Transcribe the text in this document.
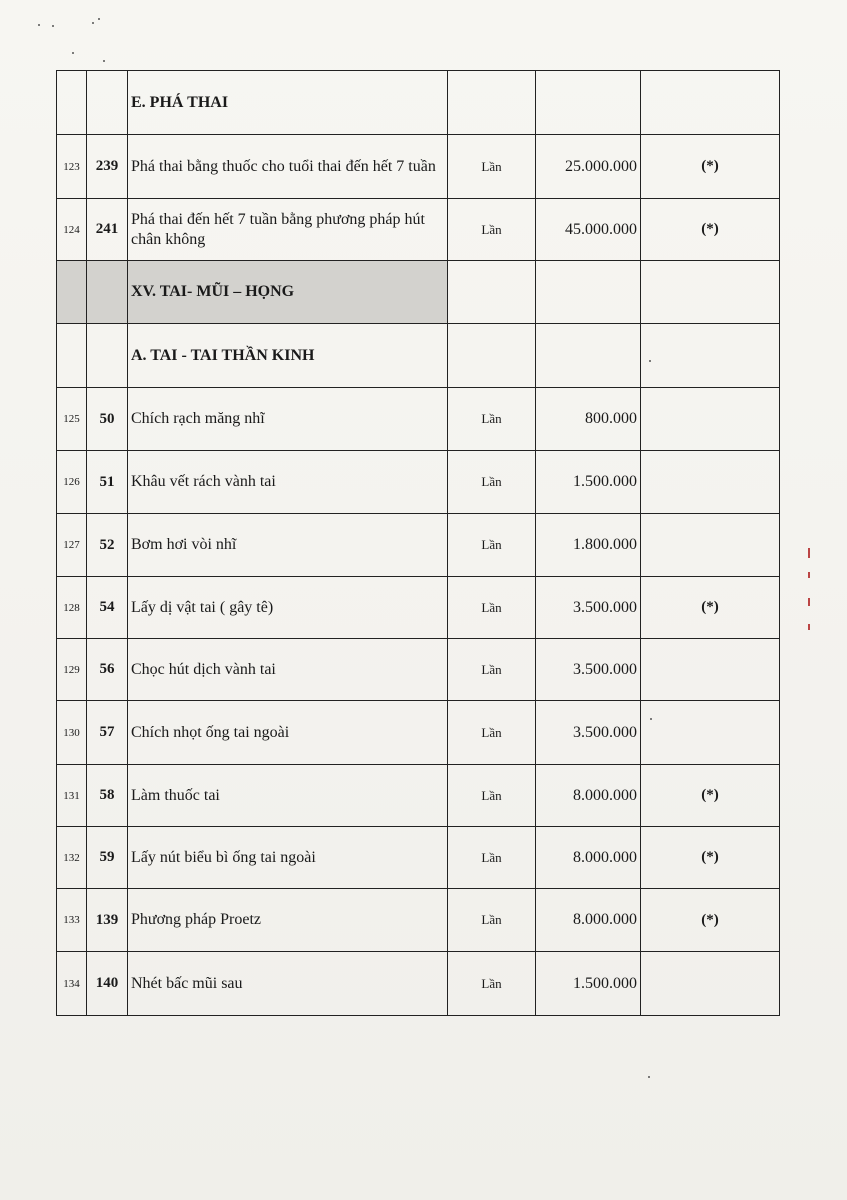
		E. PHÁ THAI			
123	239	Phá thai bằng thuốc cho tuổi thai đến hết 7 tuần	Lần	25.000.000	(*)
124	241	Phá thai đến hết 7 tuần bằng phương pháp hút chân không	Lần	45.000.000	(*)
		XV. TAI- MŨI – HỌNG			
		A. TAI - TAI THẦN KINH			
125	50	Chích rạch măng nhĩ	Lần	800.000	
126	51	Khâu vết rách vành tai	Lần	1.500.000	
127	52	Bơm hơi vòi nhĩ	Lần	1.800.000	
128	54	Lấy dị vật tai ( gây tê)	Lần	3.500.000	(*)
129	56	Chọc hút dịch vành tai	Lần	3.500.000	
130	57	Chích nhọt ống tai ngoài	Lần	3.500.000	
131	58	Làm thuốc tai	Lần	8.000.000	(*)
132	59	Lấy nút biểu bì ống tai ngoài	Lần	8.000.000	(*)
133	139	Phương pháp Proetz	Lần	8.000.000	(*)
134	140	Nhét bấc mũi sau	Lần	1.500.000	
